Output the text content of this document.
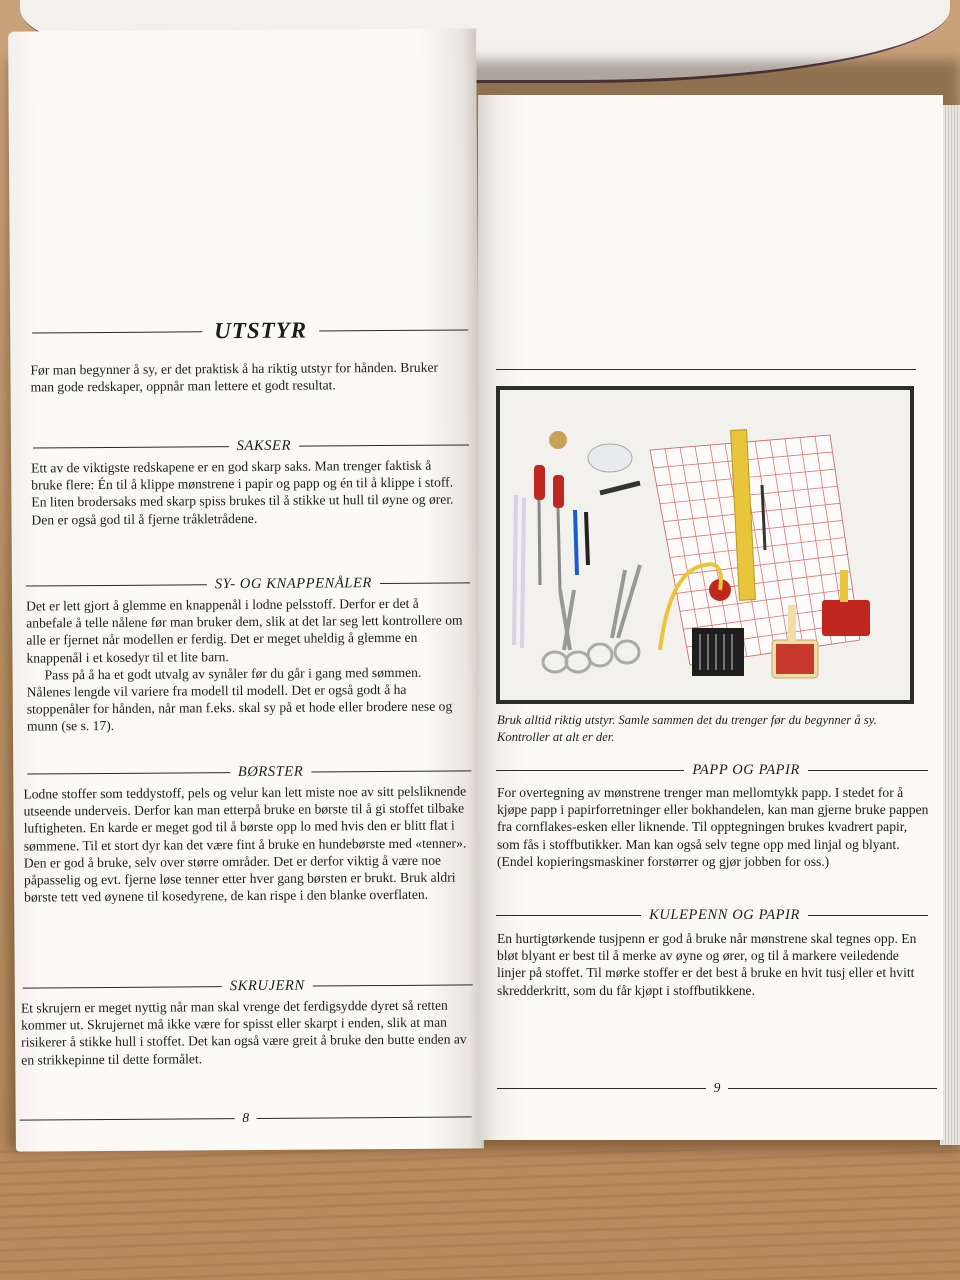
UTSTYR

Før man begynner å sy, er det praktisk å ha riktig utstyr for hånden. Bruker man gode redskaper, oppnår man lettere et godt resultat.

SAKSER

Ett av de viktigste redskapene er en god skarp saks. Man trenger faktisk å bruke flere: Én til å klippe mønstrene i papir og papp og én til å klippe i stoff. En liten brodersaks med skarp spiss brukes til å stikke ut hull til øyne og ører. Den er også god til å fjerne tråkletrådene.

SY- OG KNAPPENÅLER

Det er lett gjort å glemme en knappenål i lodne pelsstoff. Derfor er det å anbefale å telle nålene før man bruker dem, slik at det lar seg lett kontrollere om alle er fjernet når modellen er ferdig. Det er meget uheldig å glemme en knappenål i et kosedyr til et lite barn.

Pass på å ha et godt utvalg av synåler før du går i gang med sømmen. Nålenes lengde vil variere fra modell til modell. Det er også godt å ha stoppenåler for hånden, når man f.eks. skal sy på et hode eller brodere nese og munn (se s. 17).

BØRSTER

Lodne stoffer som teddystoff, pels og velur kan lett miste noe av sitt pelsliknende utseende underveis. Derfor kan man etterpå bruke en børste til å gi stoffet tilbake luftigheten. En karde er meget god til å børste opp lo med hvis den er blitt flat i sømmene. Til et stort dyr kan det være fint å bruke en hundebørste med «tenner». Den er god å bruke, selv over større områder. Det er derfor viktig å være noe påpasselig og evt. fjerne løse tenner etter hver gang børsten er brukt. Bruk aldri børste tett ved øynene til kosedyrene, de kan rispe i den blanke overflaten.

SKRUJERN

Et skrujern er meget nyttig når man skal vrenge det ferdigsydde dyret så retten kommer ut. Skrujernet må ikke være for spisst eller skarpt i enden, slik at man risikerer å stikke hull i stoffet. Det kan også være greit å bruke den butte enden av en strikkepinne til dette formålet.

8
Bruk alltid riktig utstyr. Samle sammen det du trenger før du begynner å sy. Kontroller at alt er der.
PAPP OG PAPIR

For overtegning av mønstrene trenger man mellomtykk papp. I stedet for å kjøpe papp i papirforretninger eller bokhandelen, kan man gjerne bruke pappen fra cornflakes-esken eller liknende. Til opptegningen brukes kvadrert papir, som fås i stoffbutikker. Man kan også selv tegne opp med linjal og blyant. (Endel kopieringsmaskiner forstørrer og gjør jobben for oss.)

KULEPENN OG PAPIR

En hurtigtørkende tusjpenn er god å bruke når mønstrene skal tegnes opp. En bløt blyant er best til å merke av øyne og ører, og til å markere veiledende linjer på stoffet. Til mørke stoffer er det best å bruke en hvit tusj eller et hvitt skredderkritt, som du får kjøpt i stoffbutikkene.

9
